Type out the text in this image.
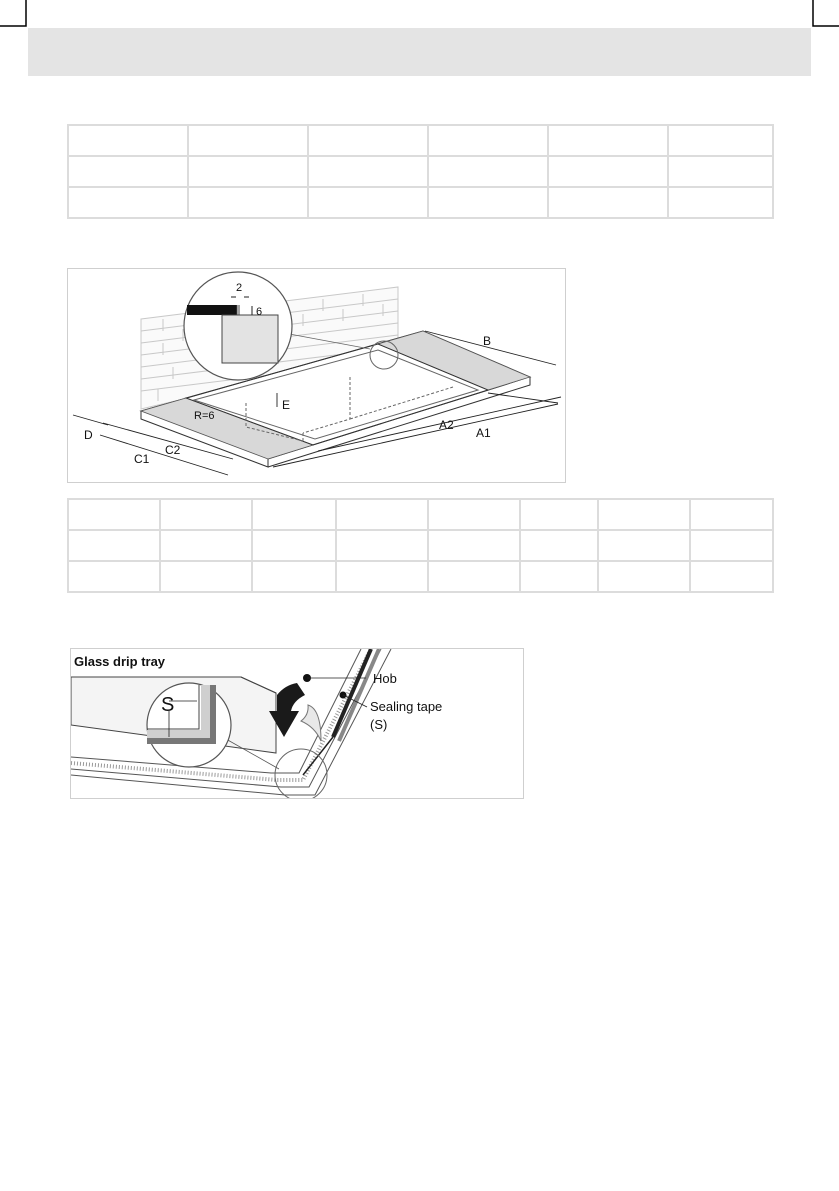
2
6
B
E
R=6
D
C2
C1
A2
A1

S
Glass drip tray
Hob
Sealing tape
(S)
